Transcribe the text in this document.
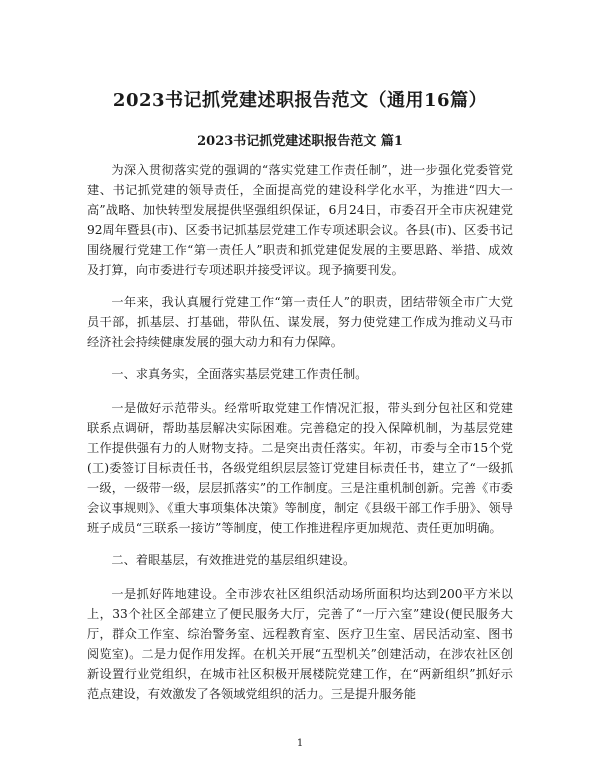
2023书记抓党建述职报告范文（通用16篇）
2023书记抓党建述职报告范文 篇1

为深入贯彻落实党的强调的“落实党建工作责任制”，进一步强化党委管党建、书记抓党建的领导责任，全面提高党的建设科学化水平，为推进“四大一高”战略、加快转型发展提供坚强组织保证，6月24日，市委召开全市庆祝建党92周年暨县(市)、区委书记抓基层党建工作专项述职会议。各县(市)、区委书记围绕履行党建工作“第一责任人”职责和抓党建促发展的主要思路、举措、成效及打算，向市委进行专项述职并接受评议。现予摘要刊发。

一年来，我认真履行党建工作“第一责任人”的职责，团结带领全市广大党员干部，抓基层、打基础，带队伍、谋发展，努力使党建工作成为推动义马市经济社会持续健康发展的强大动力和有力保障。

一、求真务实，全面落实基层党建工作责任制。

一是做好示范带头。经常听取党建工作情况汇报，带头到分包社区和党建联系点调研，帮助基层解决实际困难。完善稳定的投入保障机制，为基层党建工作提供强有力的人财物支持。二是突出责任落实。年初，市委与全市15个党(工)委签订目标责任书，各级党组织层层签订党建目标责任书，建立了“一级抓一级，一级带一级，层层抓落实”的工作制度。三是注重机制创新。完善《市委会议事规则》、《重大事项集体决策》等制度，制定《县级干部工作手册》、领导班子成员“三联系一接访”等制度，使工作推进程序更加规范、责任更加明确。

二、着眼基层，有效推进党的基层组织建设。

一是抓好阵地建设。全市涉农社区组织活动场所面积均达到200平方米以上，33个社区全部建立了便民服务大厅，完善了“一厅六室”建设(便民服务大厅，群众工作室、综治警务室、远程教育室、医疗卫生室、居民活动室、图书阅览室)。二是力促作用发挥。在机关开展“五型机关”创建活动，在涉农社区创新设置行业党组织，在城市社区积极开展楼院党建工作，在“两新组织”抓好示范点建设，有效激发了各领域党组织的活力。三是提升服务能

1
